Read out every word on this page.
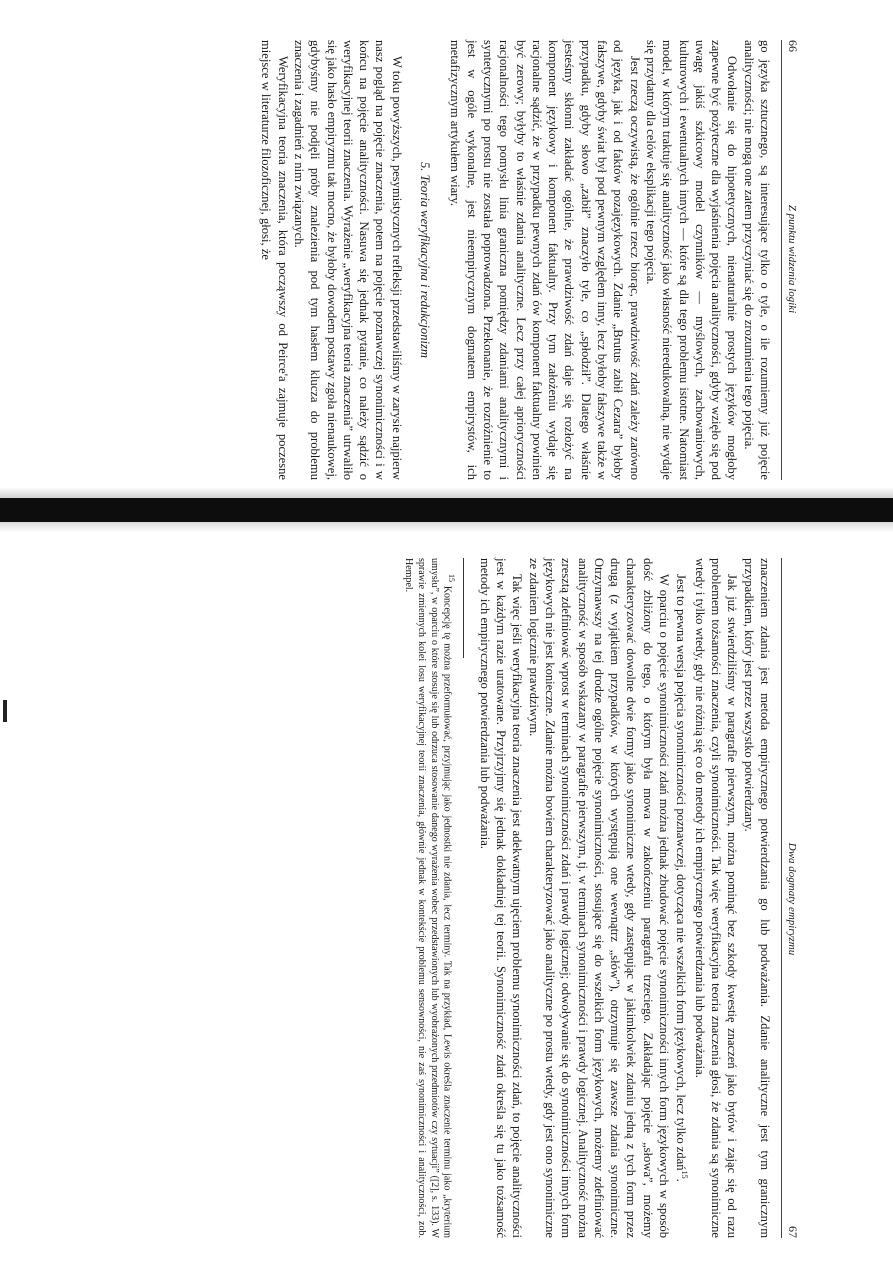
66
Z punktu widzenia logiki

go języka sztucznego, są interesujące tylko o tyle, o ile rozumiemy już pojęcie analityczności; nie mogą one zatem przyczyniać się do zrozumienia tego pojęcia.

Odwołanie się do hipotetycznych, nienaturalnie prostych języków mogłoby zapewne być pożyteczne dla wyjaśnienia pojęcia analityczności, gdyby wzięło się pod uwagę jakiś szkicowy model czynników — myślowych, zachowaniowych, kulturowych i ewentualnych innych — które są dla tego problemu istotne. Natomiast model, w którym traktuje się analityczność jako własność nieredukowalną, nie wydaje się przydatny dla celów eksplikacji tego pojęcia.

Jest rzeczą oczywistą, że ogólnie rzecz biorąc, prawdziwość zdań zależy zarówno od języka, jak i od faktów pozajęzykowych. Zdanie „Brutus zabił Cezara” byłoby fałszywe, gdyby świat był pod pewnym względem inny, lecz byłoby fałszywe także w przypadku, gdyby słowo „zabił” znaczyło tyle, co „spłodził”. Dlatego właśnie jesteśmy skłonni zakładać ogólnie, że prawdziwość zdań daje się rozłożyć na komponent językowy i komponent faktualny. Przy tym założeniu wydaje się racjonalne sądzić, że w przypadku pewnych zdań ów komponent faktualny powinien być zerowy; byłyby to właśnie zdania analityczne. Lecz przy całej aprioryczności racjonalności tego pomysłu linia graniczna pomiędzy zdaniami analitycznymi i syntetycznymi po prostu nie została poprowadzona. Przekonanie, że rozróżnienie to jest w ogóle wykonalne, jest nieempirycznym dogmatem empirystów, ich metafizycznym artykułem wiary.

5. Teoria weryfikacyjna i redukcjonizm

W toku powyższych, pesymistycznych refleksji przedstawiliśmy w zarysie najpierw nasz pogląd na pojęcie znaczenia, potem na pojęcie poznawczej synonimiczności i w końcu na pojęcie analityczności. Nasuwa się jednak pytanie, co należy sądzić o weryfikacyjnej teorii znaczenia. Wyrażenie „weryfikacyjna teoria znaczenia” utrwaliło się jako hasło empiryzmu tak mocno, że byłoby dowodem postawy zgoła nienaukowej, gdybyśmy nie podjęli próby znalezienia pod tym hasłem klucza do problemu znaczenia i zagadnień z nim związanych.

Weryfikacyjna teoria znaczenia, która począwszy od Peirce'a zajmuje poczesne miejsce w literaturze filozoficznej, głosi, że

Dwa dogmaty empiryzmu
67

znaczeniem zdania jest metoda empirycznego potwierdzania go lub podważania. Zdanie analityczne jest tym granicznym przypadkiem, który jest przez wszystko potwierdzany.

Jak już stwierdziliśmy w paragrafie pierwszym, można pominąć bez szkody kwestię znaczeń jako bytów i zając się od razu problemem tożsamości znaczenia, czyli synonimiczności. Tak więc weryfikacyjna teoria znaczenia głosi, że zdania są synonimiczne wtedy i tylko wtedy, gdy nie różnią się co do metody ich empirycznego potwierdzania lub podważania.

Jest to pewna wersja pojęcia synonimiczności poznawczej, dotycząca nie wszelkich form językowych, lecz tylko zdań$^{15}$.

W oparciu o pojęcie synonimiczności zdań można jednak zbudować pojęcie synonimiczności innych form językowych w sposób dość zbliżony do tego, o którym była mowa w zakończeniu paragrafu trzeciego. Zakładając pojęcie „słowa”, możemy charakteryzować dowolne dwie formy jako synonimiczne wtedy, gdy zastępując w jakimkolwiek zdaniu jedną z tych form przez drugą (z wyjątkiem przypadków, w których występują one wewnątrz „słów”), otrzymuje się zawsze zdania synonimiczne. Otrzymawszy na tej drodze ogólne pojęcie synonimiczności, stosujące się do wszelkich form językowych, możemy zdefiniować analityczność w sposób wskazany w paragrafie pierwszym, tj. w terminach synonimiczności i prawdy logicznej. Analityczność można zresztą zdefiniować wprost w terminach synonimiczności zdań i prawdy logicznej; odwoływanie się do synonimiczności innych form językowych nie jest konieczne. Zdanie można bowiem charakteryzować jako analityczne po prostu wtedy, gdy jest ono synonimiczne ze zdaniem logicznie prawdziwym.

Tak więc jeśli weryfikacyjna teoria znaczenia jest adekwatnym ujęciem problemu synonimiczności zdań, to pojęcie analityczności jest w każdym razie uratowane. Przyjrzyjmy się jednak dokładniej tej teorii. Synonimiczność zdań określa się tu jako tożsamość metody ich empirycznego potwierdzania lub podważania.

$^{15}$ Koncepcję tę można przeformułować, przyjmując jako jednostki nie zdania, lecz terminy. Tak na przykład, Lewis określa znaczenie terminu jako „kryterium umysłu”, w oparciu o które stosuje się lub odrzuca stosowanie danego wyrażenia wobec przedstawionych lub wyobrażonych przedmiotów czy sytuacji” ([2], s. 133). W sprawie zmiennych kolei losu weryfikacyjnej teorii znaczenia, głównie jednak w kontekście problemu sensowności, nie zaś synonimiczności i analityczności, zob. Hempel.
